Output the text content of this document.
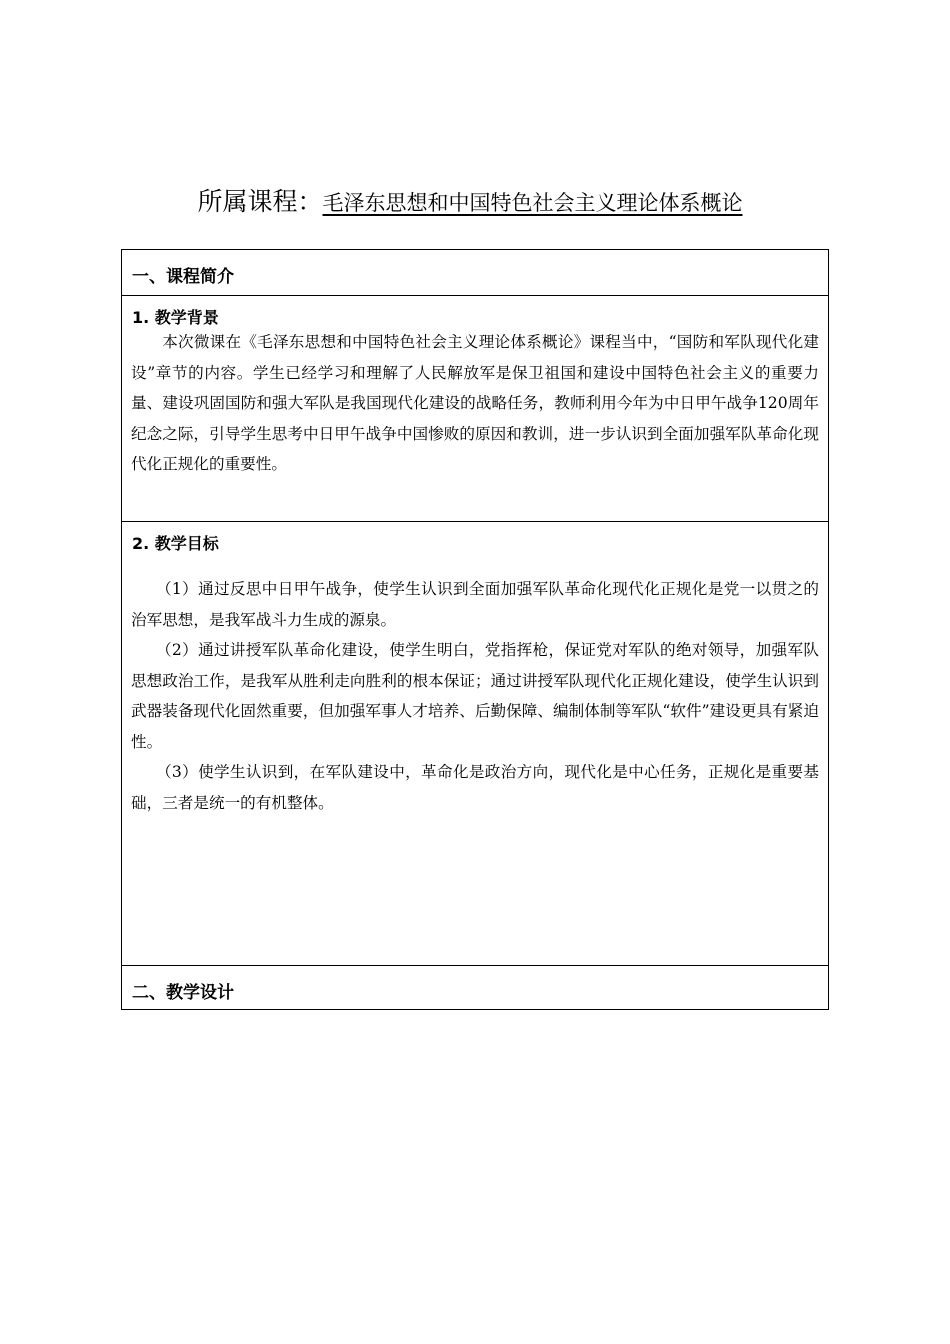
所属课程：毛泽东思想和中国特色社会主义理论体系概论
一、课程简介
1. 教学背景

本次微课在《毛泽东思想和中国特色社会主义理论体系概论》课程当中，“国防和军队现代化建设”章节的内容。学生已经学习和理解了人民解放军是保卫祖国和建设中国特色社会主义的重要力量、建设巩固国防和强大军队是我国现代化建设的战略任务，教师利用今年为中日甲午战争120周年纪念之际，引导学生思考中日甲午战争中国惨败的原因和教训，进一步认识到全面加强军队革命化现代化正规化的重要性。

2. 教学目标

（1）通过反思中日甲午战争，使学生认识到全面加强军队革命化现代化正规化是党一以贯之的治军思想，是我军战斗力生成的源泉。

（2）通过讲授军队革命化建设，使学生明白，党指挥枪，保证党对军队的绝对领导，加强军队思想政治工作，是我军从胜利走向胜利的根本保证；通过讲授军队现代化正规化建设，使学生认识到武器装备现代化固然重要，但加强军事人才培养、后勤保障、编制体制等军队“软件”建设更具有紧迫性。

（3）使学生认识到，在军队建设中，革命化是政治方向，现代化是中心任务，正规化是重要基础，三者是统一的有机整体。

二、教学设计
